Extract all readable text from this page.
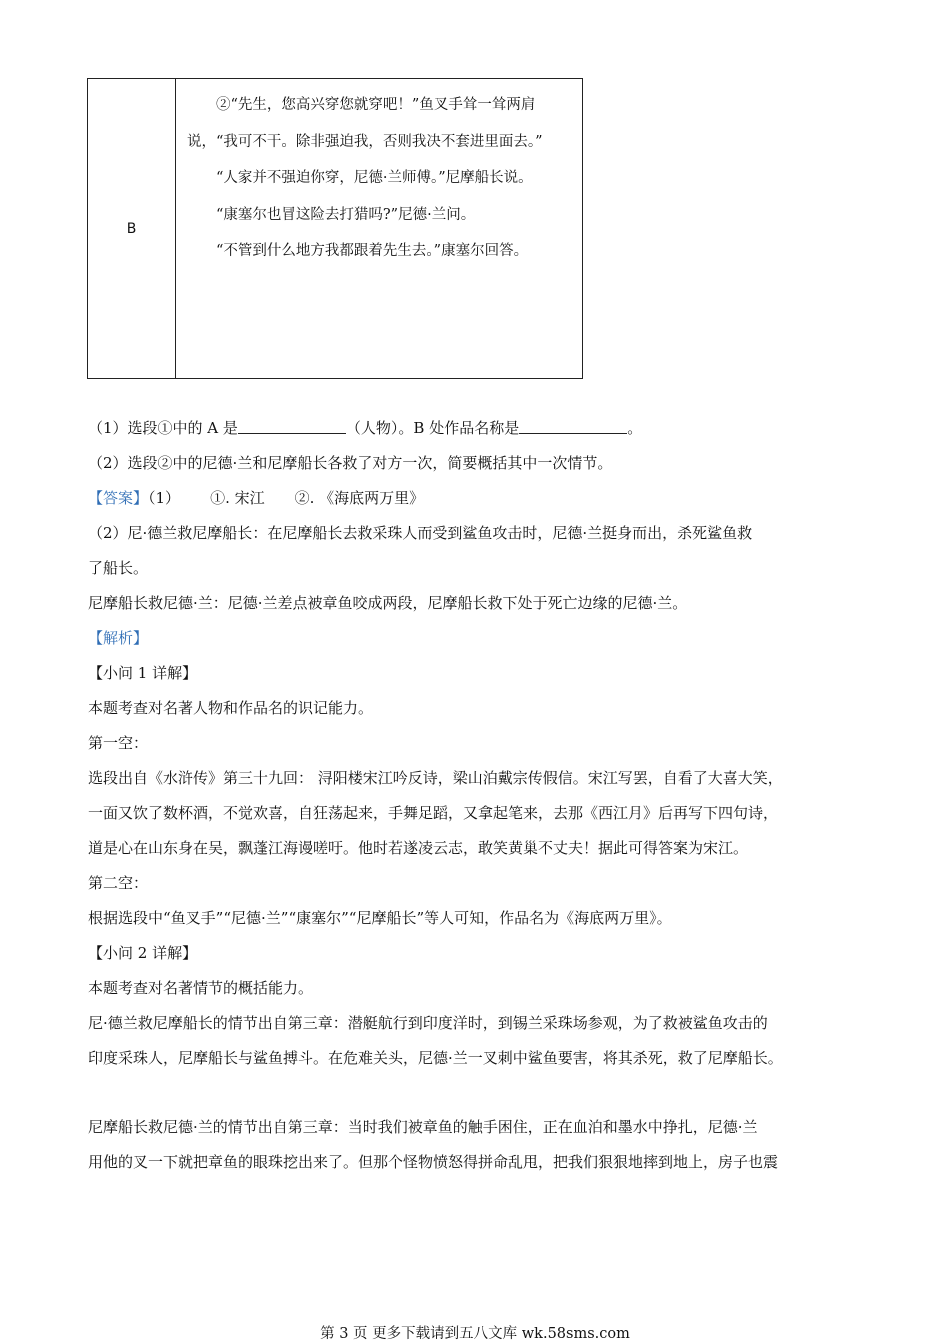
B

②“先生，您高兴穿您就穿吧！”鱼叉手耸一耸两肩说，“我可不干。除非强迫我，否则我决不套进里面去。”

“人家并不强迫你穿，尼德·兰师傅。”尼摩船长说。

“康塞尔也冒这险去打猎吗?”尼德·兰问。

“不管到什么地方我都跟着先生去。”康塞尔回答。

（1）选段①中的 A 是	（人物）。B 处作品名称是	。

（2）选段②中的尼德·兰和尼摩船长各救了对方一次，简要概括其中一次情节。

【答案】（1） ①. 宋江 ②. 《海底两万里》

（2）尼·德兰救尼摩船长：在尼摩船长去救采珠人而受到鲨鱼攻击时，尼德·兰挺身而出，杀死鲨鱼救

了船长。

尼摩船长救尼德·兰：尼德·兰差点被章鱼咬成两段，尼摩船长救下处于死亡边缘的尼德·兰。

【解析】

【小问 1 详解】

本题考查对名著人物和作品名的识记能力。

第一空：

选段出自《水浒传》第三十九回： 浔阳楼宋江吟反诗，梁山泊戴宗传假信。宋江写罢，自看了大喜大笑，

一面又饮了数杯酒，不觉欢喜，自狂荡起来，手舞足蹈，又拿起笔来，去那《西江月》后再写下四句诗，

道是心在山东身在吴，飘蓬江海谩嗟吁。他时若遂凌云志，敢笑黄巢不丈夫！据此可得答案为宋江。

第二空：

根据选段中“鱼叉手”“尼德·兰”“康塞尔”“尼摩船长”等人可知，作品名为《海底两万里》。

【小问 2 详解】

本题考查对名著情节的概括能力。

尼·德兰救尼摩船长的情节出自第三章：潜艇航行到印度洋时，到锡兰采珠场参观，为了救被鲨鱼攻击的

印度采珠人，尼摩船长与鲨鱼搏斗。在危难关头，尼德·兰一叉刺中鲨鱼要害，将其杀死，救了尼摩船长。

尼摩船长救尼德·兰的情节出自第三章：当时我们被章鱼的触手困住，正在血泊和墨水中挣扎，尼德·兰

用他的叉一下就把章鱼的眼珠挖出来了。但那个怪物愤怒得拼命乱甩，把我们狠狠地摔到地上，房子也震

第 3 页 更多下载请到五八文库 wk.58sms.com
